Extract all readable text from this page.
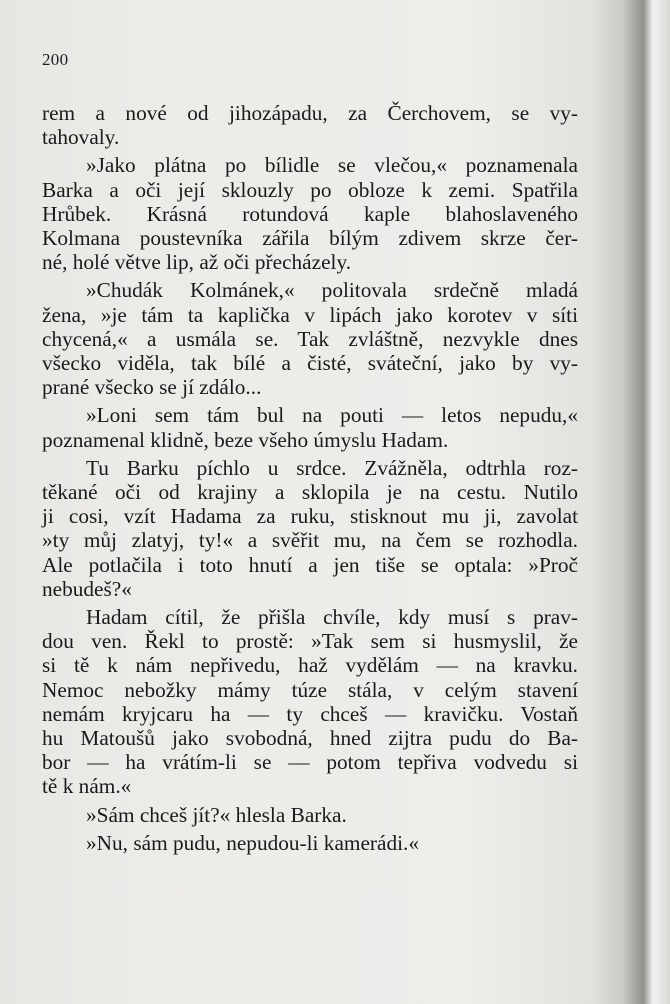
200
rem a nové od jihozápadu, za Čerchovem, se vy-
tahovaly.
»Jako plátna po bílidle se vlečou,« poznamenala
Barka a oči její sklouzly po obloze k zemi. Spatřila
Hrůbek. Krásná rotundová kaple blahoslaveného
Kolmana poustevníka zářila bílým zdivem skrze čer-
né, holé větve lip, až oči přecházely.
»Chudák Kolmánek,« politovala srdečně mladá
žena, »je tám ta kaplička v lipách jako korotev v síti
chycená,« a usmála se. Tak zvláštně, nezvykle dnes
všecko viděla, tak bílé a čisté, sváteční, jako by vy-
prané všecko se jí zdálo...
»Loni sem tám bul na pouti — letos nepudu,«
poznamenal klidně, beze všeho úmyslu Hadam.
Tu Barku píchlo u srdce. Zvážněla, odtrhla roz-
těkané oči od krajiny a sklopila je na cestu. Nutilo
ji cosi, vzít Hadama za ruku, stisknout mu ji, zavolat
»ty můj zlatyj, ty!« a svěřit mu, na čem se rozhodla.
Ale potlačila i toto hnutí a jen tiše se optala: »Proč
nebudeš?«
Hadam cítil, že přišla chvíle, kdy musí s prav-
dou ven. Řekl to prostě: »Tak sem si husmyslil, že
si tě k nám nepřivedu, haž vydělám — na kravku.
Nemoc nebožky mámy túze stála, v celým stavení
nemám kryjcaru ha — ty chceš — kravičku. Vostaň
hu Matoušů jako svobodná, hned zijtra pudu do Ba-
bor — ha vrátím-li se — potom tepřiva vodvedu si
tě k nám.«
»Sám chceš jít?« hlesla Barka.
»Nu, sám pudu, nepudou-li kamerádi.«
